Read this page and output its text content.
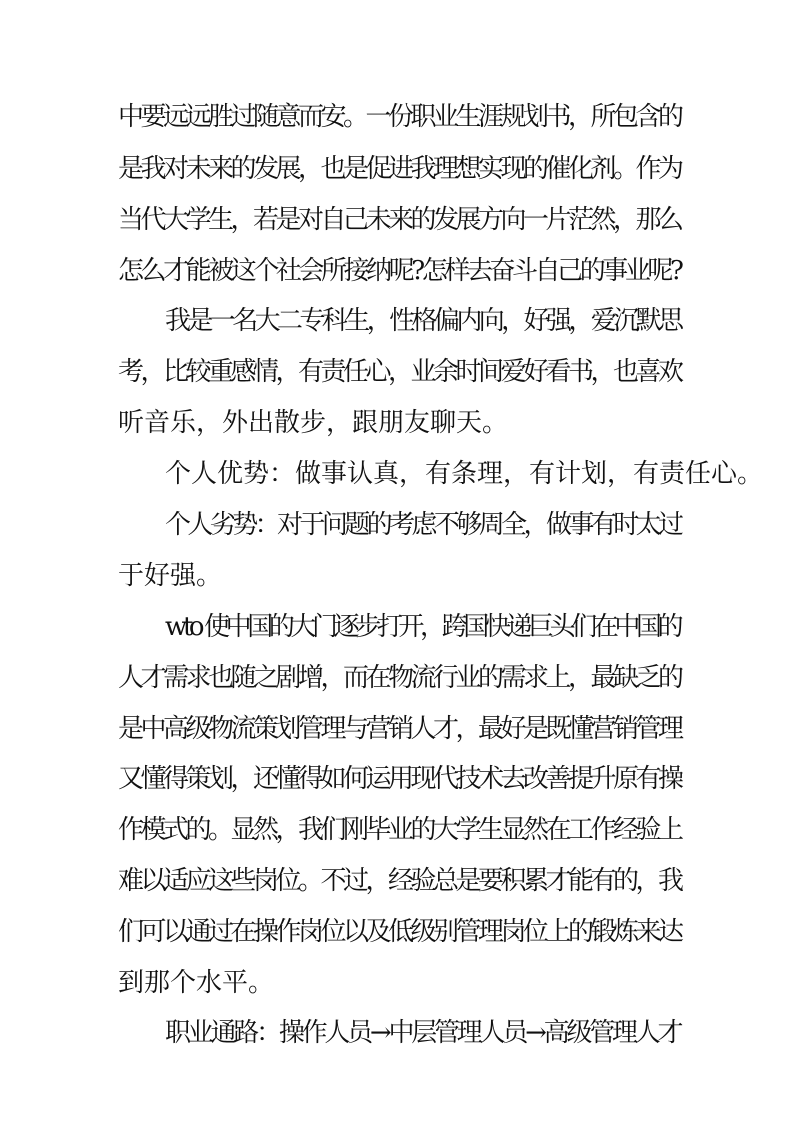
中要远远胜过随意而安。一份职业生涯规划书，所包含的

是我对未来的发展，也是促进我理想实现的催化剂。作为

当代大学生，若是对自己未来的发展方向一片茫然，那么

怎么才能被这个社会所接纳呢?怎样去奋斗自己的事业呢?

我是一名大二专科生，性格偏内向，好强，爱沉默思

考，比较重感情，有责任心，业余时间爱好看书，也喜欢

听音乐，外出散步，跟朋友聊天。

个人优势：做事认真，有条理，有计划，有责任心。

个人劣势：对于问题的考虑不够周全，做事有时太过

于好强。

wto 使中国的大门逐步打开，跨国快递巨头们在中国的

人才需求也随之剧增，而在物流行业的需求上，最缺乏的

是中高级物流策划管理与营销人才，最好是既懂营销管理

又懂得策划，还懂得如何运用现代技术去改善提升原有操

作模式的。显然，我们刚毕业的大学生显然在工作经验上

难以适应这些岗位。不过，经验总是要积累才能有的，我

们可以通过在操作岗位以及低级别管理岗位上的锻炼来达

到那个水平。

职业通路：操作人员→中层管理人员→高级管理人才
